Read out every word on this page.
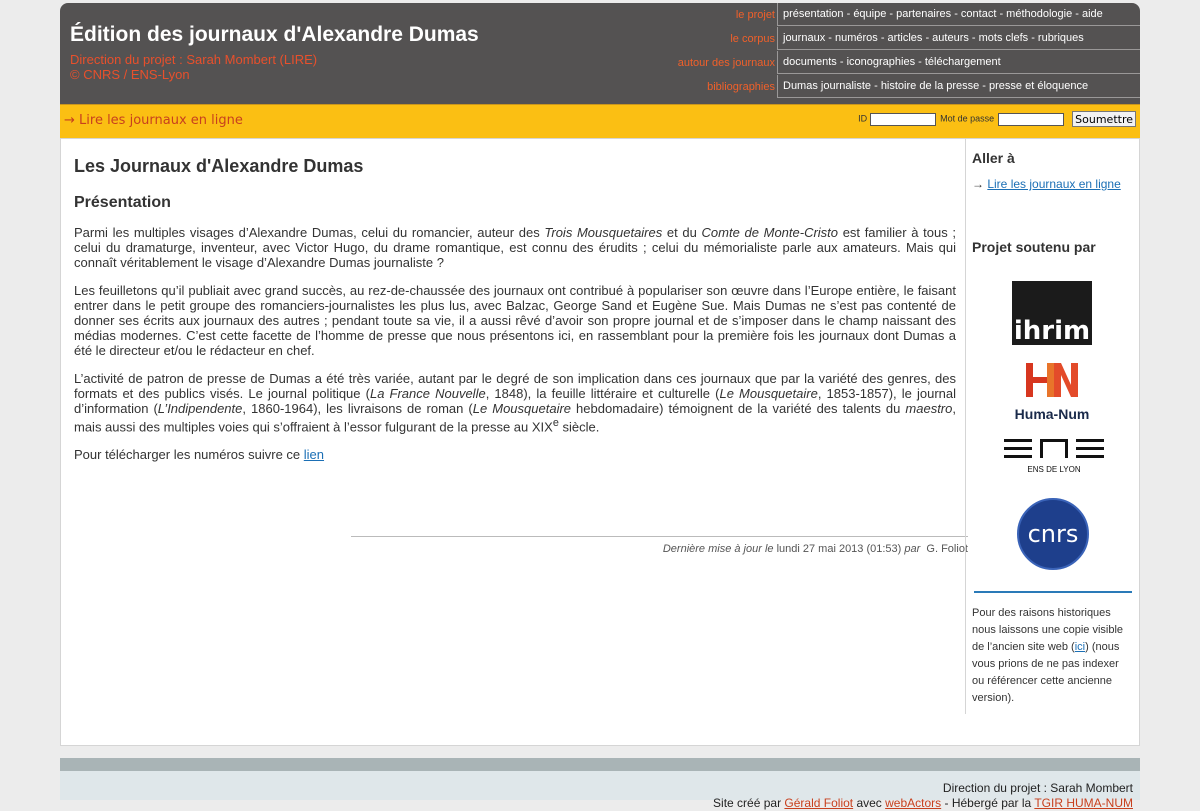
Édition des journaux d'Alexandre Dumas
Direction du projet : Sarah Mombert (LIRE)
© CNRS / ENS-Lyon
le projet présentation - équipe - partenaires - contact - méthodologie - aide
le corpus journaux - numéros - articles - auteurs - mots clefs - rubriques
autour des journaux documents - iconographies - téléchargement
bibliographies Dumas journaliste - histoire de la presse - presse et éloquence
→ Lire les journaux en ligne	ID	Mot de passe	Soumettre
Les Journaux d'Alexandre Dumas
Présentation

Parmi les multiples visages d’Alexandre Dumas, celui du romancier, auteur des Trois Mousquetaires et du Comte de Monte-Cristo est familier à tous ; celui du dramaturge, inventeur, avec Victor Hugo, du drame romantique, est connu des érudits ; celui du mémorialiste parle aux amateurs. Mais qui connaît véritablement le visage d’Alexandre Dumas journaliste ?

Les feuilletons qu’il publiait avec grand succès, au rez-de-chaussée des journaux ont contribué à populariser son œuvre dans l’Europe entière, le faisant entrer dans le petit groupe des romanciers-journalistes les plus lus, avec Balzac, George Sand et Eugène Sue. Mais Dumas ne s’est pas contenté de donner ses écrits aux journaux des autres ; pendant toute sa vie, il a aussi rêvé d’avoir son propre journal et de s’imposer dans le champ naissant des médias modernes. C’est cette facette de l’homme de presse que nous présentons ici, en rassemblant pour la première fois les journaux dont Dumas a été le directeur et/ou le rédacteur en chef.

L’activité de patron de presse de Dumas a été très variée, autant par le degré de son implication dans ces journaux que par la variété des genres, des formats et des publics visés. Le journal politique (La France Nouvelle, 1848), la feuille littéraire et culturelle (Le Mousquetaire, 1853-1857), le journal d’information (L’Indipendente, 1860-1964), les livraisons de roman (Le Mousquetaire hebdomadaire) témoignent de la variété des talents du maestro, mais aussi des multiples voies qui s’offraient à l’essor fulgurant de la presse au XIXe siècle.

Pour télécharger les numéros suivre ce lien

Dernière mise à jour le lundi 27 mai 2013 (01:53) par G. Foliot
Aller à
→ Lire les journaux en ligne
Projet soutenu par
ihrim
Huma-Num
ENS DE LYON
cnrs
Pour des raisons historiques nous laissons une copie visible de l’ancien site web (ici) (nous vous prions de ne pas indexer ou référencer cette ancienne version).
Direction du projet : Sarah Mombert
Site créé par Gérald Foliot avec webActors - Hébergé par la TGIR HUMA-NUM
